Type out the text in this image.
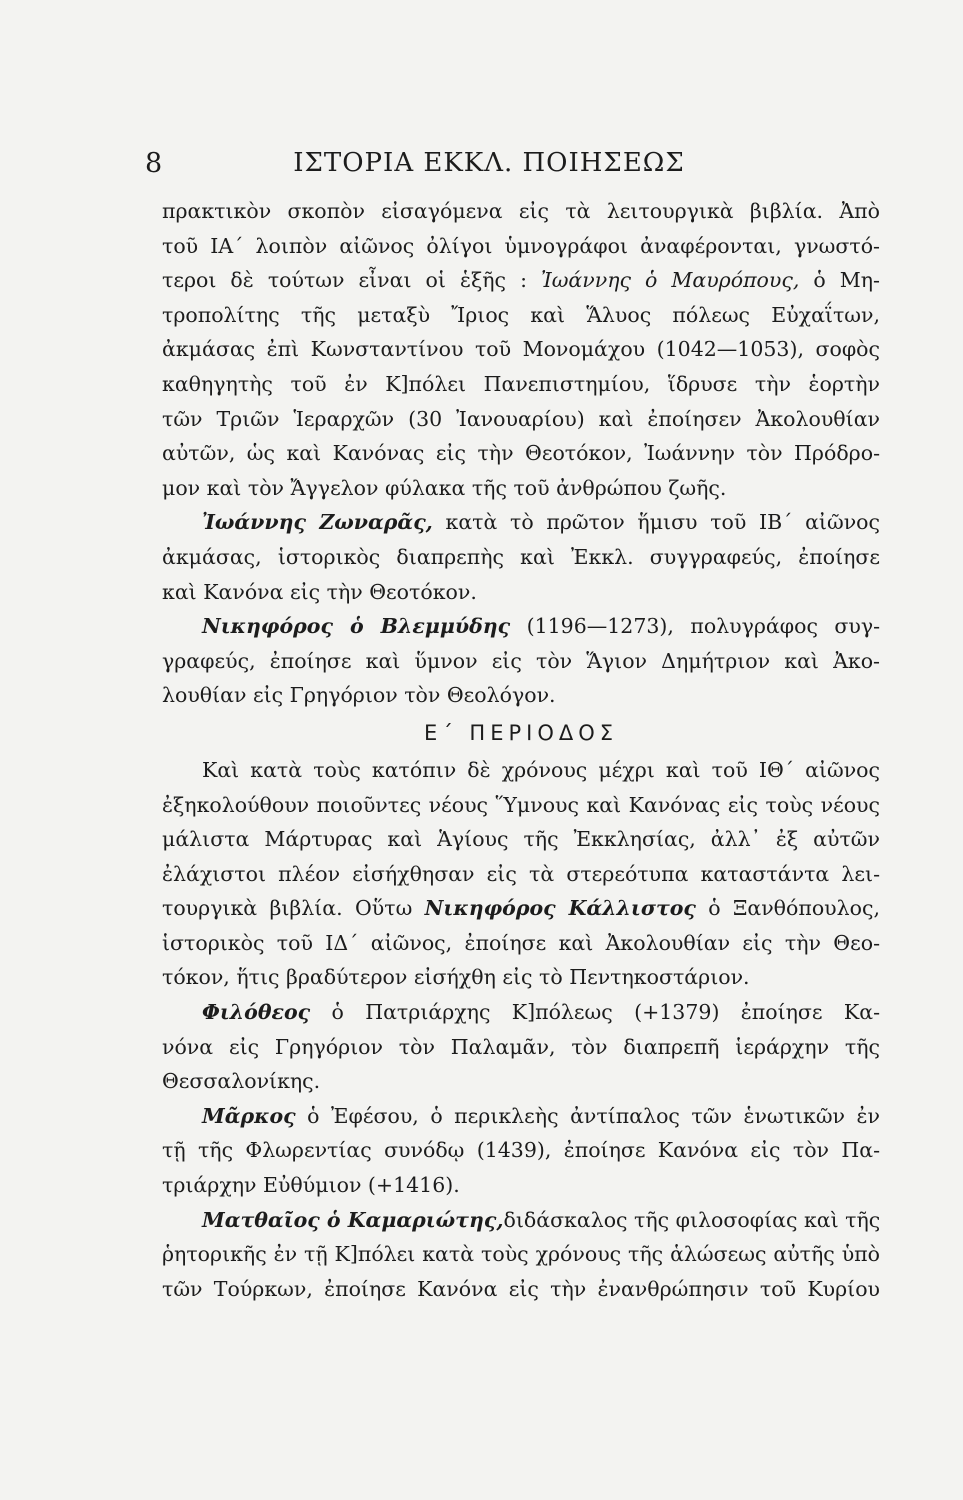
8	ΙΣΤΟΡΙΑ ΕΚΚΛ. ΠΟΙΗΣΕΩΣ
πρακτικὸν σκοπὸν εἰσαγόμενα εἰς τὰ λειτουργικὰ βιβλία. Ἀπὸ
τοῦ ΙΑ΄ λοιπὸν αἰῶνος ὀλίγοι ὑμνογράφοι ἀναφέρονται, γνωστό-
τεροι δὲ τούτων εἶναι οἱ ἑξῆς : Ἰωάννης ὁ Μαυρόπους, ὁ Μη-
τροπολίτης τῆς μεταξὺ Ἴριος καὶ Ἅλυος πόλεως Εὐχαΐτων,
ἀκμάσας ἐπὶ Κωνσταντίνου τοῦ Μονομάχου (1042—1053), σοφὸς
καθηγητὴς τοῦ ἐν Κ]πόλει Πανεπιστημίου, ἵδρυσε τὴν ἑορτὴν
τῶν Τριῶν Ἱεραρχῶν (30 Ἰανουαρίου) καὶ ἐποίησεν Ἀκολουθίαν
αὐτῶν, ὡς καὶ Κανόνας εἰς τὴν Θεοτόκον, Ἰωάννην τὸν Πρόδρο-
μον καὶ τὸν Ἄγγελον φύλακα τῆς τοῦ ἀνθρώπου ζωῆς.
Ἰωάννης Ζωναρᾶς, κατὰ τὸ πρῶτον ἥμισυ τοῦ ΙΒ΄ αἰῶνος
ἀκμάσας, ἱστορικὸς διαπρεπὴς καὶ Ἐκκλ. συγγραφεύς, ἐποίησε
καὶ Κανόνα εἰς τὴν Θεοτόκον.
Νικηφόρος ὁ Βλεμμύδης (1196—1273), πολυγράφος συγ-
γραφεύς, ἐποίησε καὶ ὕμνον εἰς τὸν Ἅγιον Δημήτριον καὶ Ἀκο-
λουθίαν εἰς Γρηγόριον τὸν Θεολόγον.
Ε΄ ΠΕΡΙΟΔΟΣ
Καὶ κατὰ τοὺς κατόπιν δὲ χρόνους μέχρι καὶ τοῦ ΙΘ΄ αἰῶνος
ἐξηκολούθουν ποιοῦντες νέους Ὕμνους καὶ Κανόνας εἰς τοὺς νέους
μάλιστα Μάρτυρας καὶ Ἁγίους τῆς Ἐκκλησίας, ἀλλ᾽ ἐξ αὐτῶν
ἐλάχιστοι πλέον εἰσήχθησαν εἰς τὰ στερεότυπα καταστάντα λει-
τουργικὰ βιβλία. Οὕτω Νικηφόρος Κάλλιστος ὁ Ξανθόπουλος,
ἱστορικὸς τοῦ ΙΔ΄ αἰῶνος, ἐποίησε καὶ Ἀκολουθίαν εἰς τὴν Θεο-
τόκον, ἥτις βραδύτερον εἰσήχθη εἰς τὸ Πεντηκοστάριον.
Φιλόθεος ὁ Πατριάρχης Κ]πόλεως (+1379) ἐποίησε Κα-
νόνα εἰς Γρηγόριον τὸν Παλαμᾶν, τὸν διαπρεπῆ ἱεράρχην τῆς
Θεσσαλονίκης.
Μᾶρκος ὁ Ἐφέσου, ὁ περικλεὴς ἀντίπαλος τῶν ἑνωτικῶν ἐν
τῇ τῆς Φλωρεντίας συνόδῳ (1439), ἐποίησε Κανόνα εἰς τὸν Πα-
τριάρχην Εὐθύμιον (+1416).
Ματθαῖος ὁ Καμαριώτης,διδάσκαλος τῆς φιλοσοφίας καὶ τῆς
ῥητορικῆς ἐν τῇ Κ]πόλει κατὰ τοὺς χρόνους τῆς ἁλώσεως αὐτῆς ὑπὸ
τῶν Τούρκων, ἐποίησε Κανόνα εἰς τὴν ἐνανθρώπησιν τοῦ Κυρίου
